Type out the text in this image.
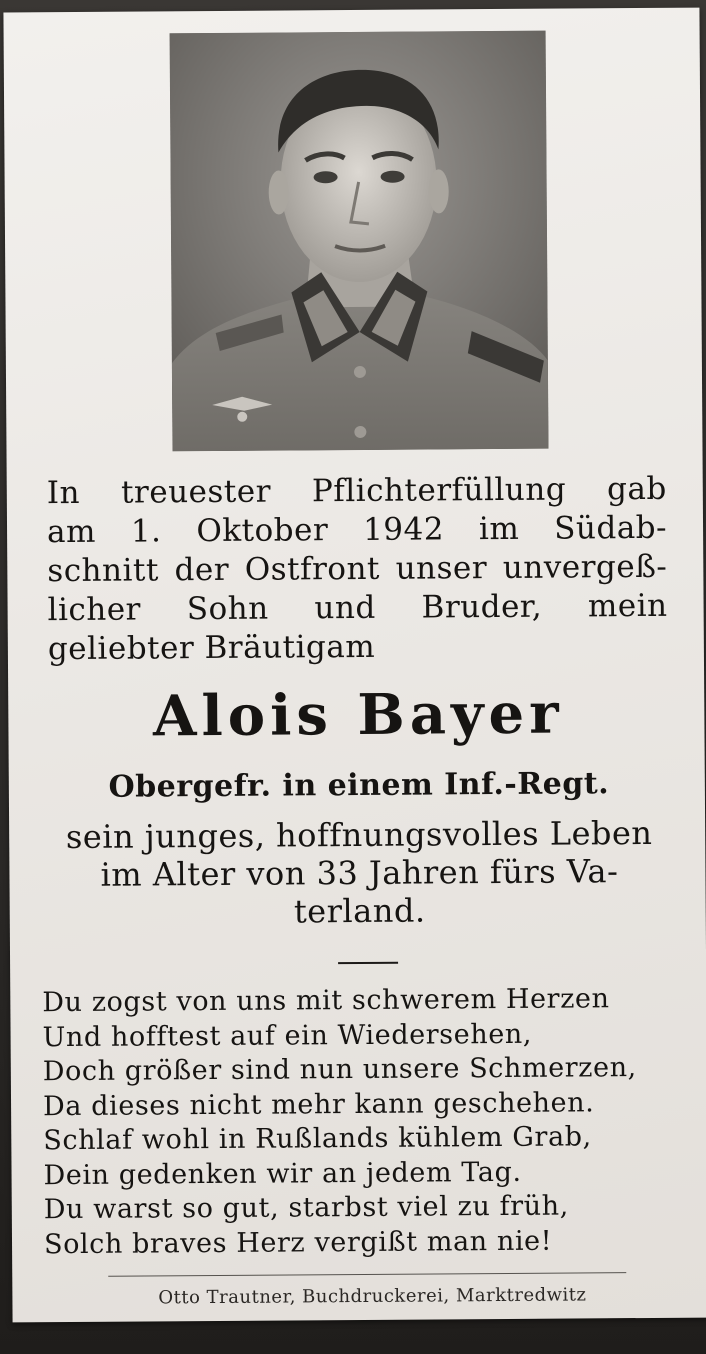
In treuester Pflichterfüllung gab
am 1. Oktober 1942 im Südab-
schnitt der Ostfront unser unvergeß-
licher Sohn und Bruder, mein
geliebter Bräutigam
Alois Bayer
Obergefr. in einem Inf.-Regt.
sein junges, hoffnungsvolles Leben
im Alter von 33 Jahren fürs Va-
terland.
Du zogst von uns mit schwerem Herzen
Und hofftest auf ein Wiedersehen,
Doch größer sind nun unsere Schmerzen,
Da dieses nicht mehr kann geschehen.
Schlaf wohl in Rußlands kühlem Grab,
Dein gedenken wir an jedem Tag.
Du warst so gut, starbst viel zu früh,
Solch braves Herz vergißt man nie!
Otto Trautner, Buchdruckerei, Marktredwitz
